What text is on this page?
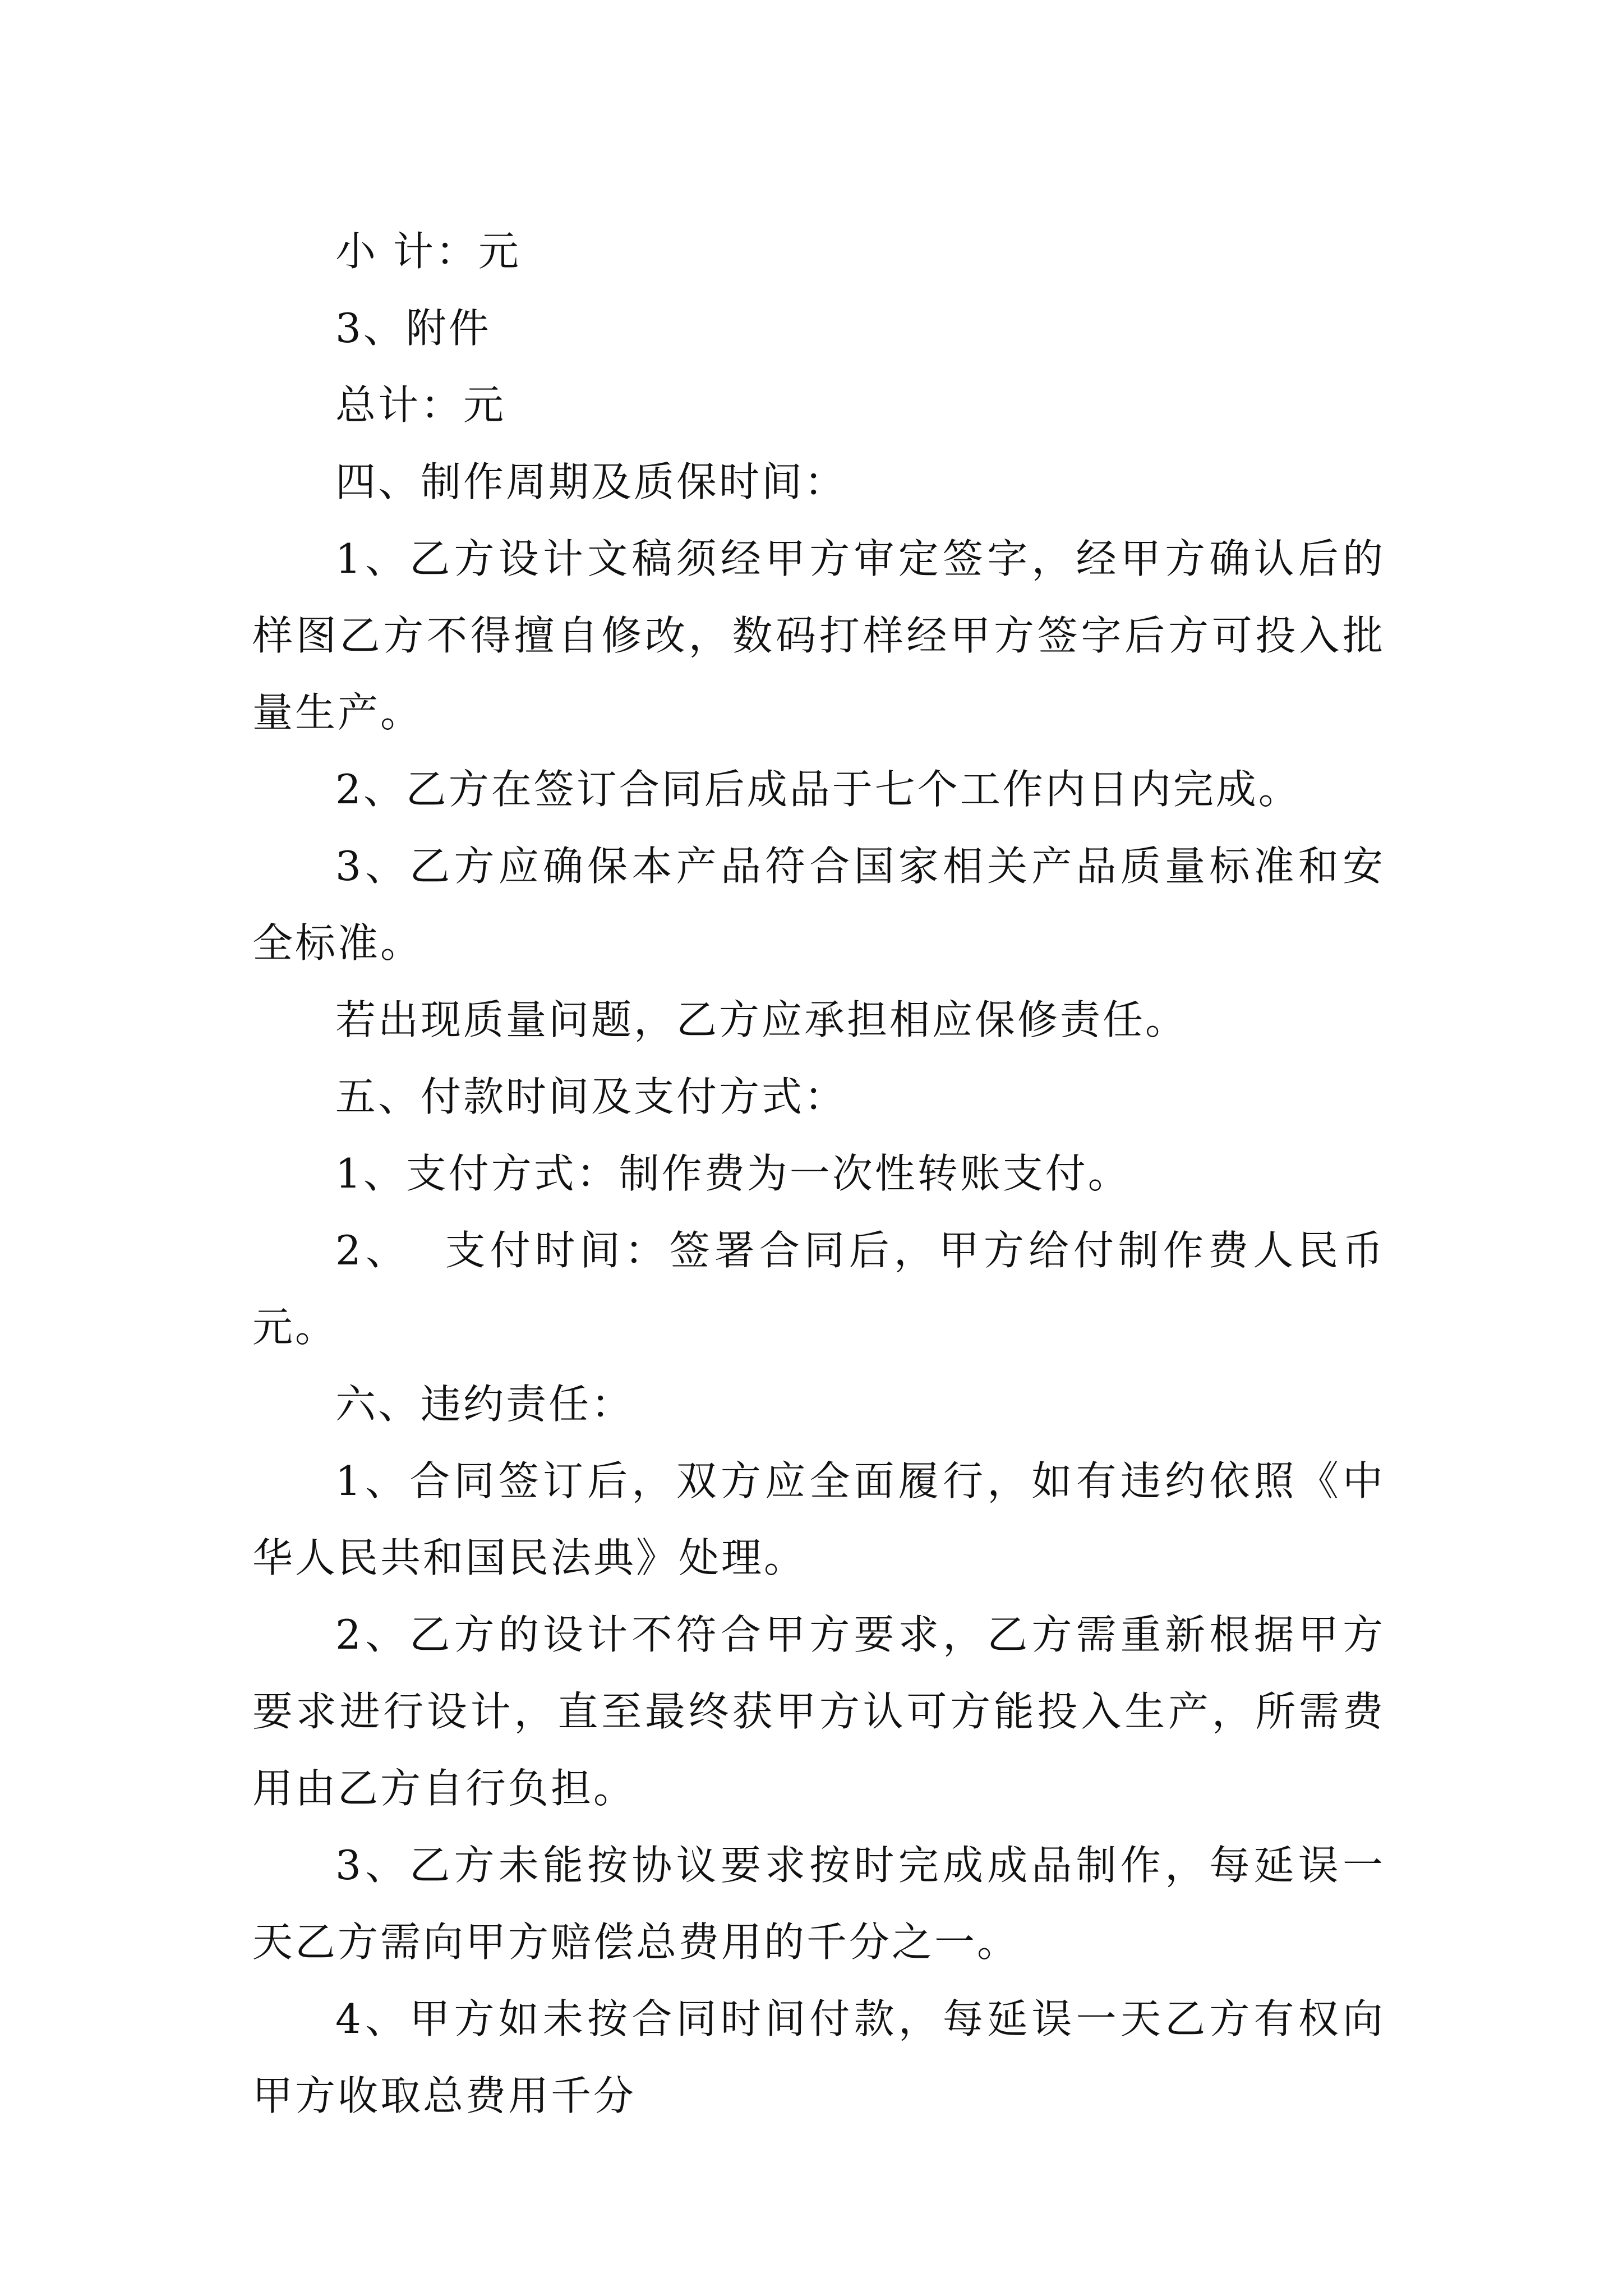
小 计：元

3、附件

总计：元

四、制作周期及质保时间：

1、乙方设计文稿须经甲方审定签字，经甲方确认后的样图乙方不得擅自修改，数码打样经甲方签字后方可投入批量生产。

2、乙方在签订合同后成品于七个工作内日内完成。

3、乙方应确保本产品符合国家相关产品质量标准和安全标准。

若出现质量问题，乙方应承担相应保修责任。

五、付款时间及支付方式：

1、支付方式：制作费为一次性转账支付。

2、  支付时间：签署合同后，甲方给付制作费人民币元。

六、违约责任：

1、合同签订后，双方应全面履行，如有违约依照《中华人民共和国民法典》处理。

2、乙方的设计不符合甲方要求，乙方需重新根据甲方要求进行设计，直至最终获甲方认可方能投入生产，所需费用由乙方自行负担。

3、乙方未能按协议要求按时完成成品制作，每延误一天乙方需向甲方赔偿总费用的千分之一。

4、甲方如未按合同时间付款，每延误一天乙方有权向甲方收取总费用千分
